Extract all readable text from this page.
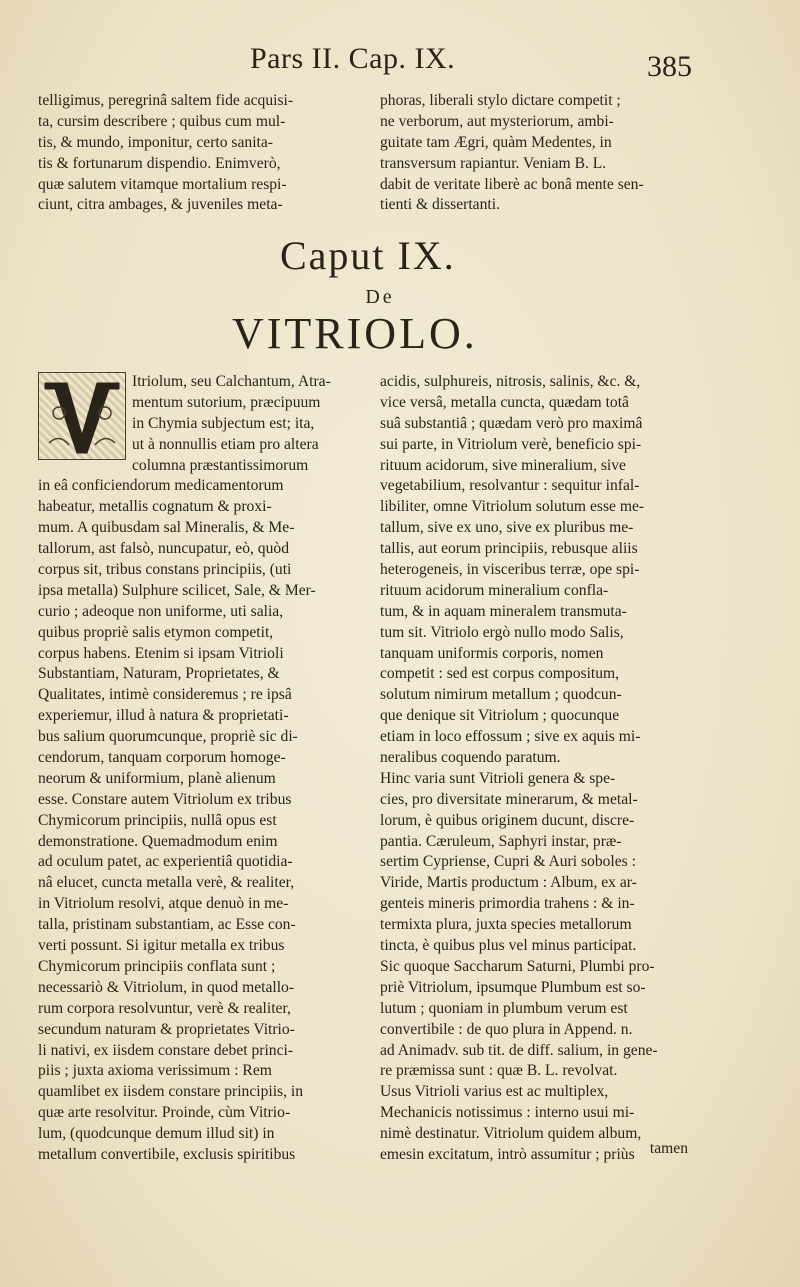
Pars II. Cap. IX.	385
telligimus, peregrinâ saltem fide acquisi-
ta, cursim describere ; quibus cum mul-
tis, & mundo, imponitur, certo sanita-
tis & fortunarum dispendio. Enimverò,
quæ salutem vitamque mortalium respi-
ciunt, citra ambages, & juveniles meta-
phoras, liberali stylo dictare competit ;
ne verborum, aut mysteriorum, ambi-
guitate tam Ægri, quàm Medentes, in
transversum rapiantur. Veniam B. L.
dabit de veritate liberè ac bonâ mente sen-
tienti & dissertanti.
Caput IX.
De
VITRIOLO.
Itriolum, seu Calchantum, Atra-
mentum sutorium, præcipuum
in Chymia subjectum est; ita,
ut à nonnullis etiam pro altera
columna præstantissimorum
in eâ conficiendorum medicamentorum
habeatur, metallis cognatum & proxi-
mum. A quibusdam sal Mineralis, & Me-
tallorum, ast falsò, nuncupatur, eò, quòd
corpus sit, tribus constans principiis, (uti
ipsa metalla) Sulphure scilicet, Sale, & Mer-
curio ; adeoque non uniforme, uti salia,
quibus propriè salis etymon competit,
corpus habens. Etenim si ipsam Vitrioli
Substantiam, Naturam, Proprietates, &
Qualitates, intimè consideremus ; re ipsâ
experiemur, illud à natura & proprietati-
bus salium quorumcunque, propriè sic di-
cendorum, tanquam corporum homoge-
neorum & uniformium, planè alienum
esse. Constare autem Vitriolum ex tribus
Chymicorum principiis, nullâ opus est
demonstratione. Quemadmodum enim
ad oculum patet, ac experientiâ quotidia-
nâ elucet, cuncta metalla verè, & realiter,
in Vitriolum resolvi, atque denuò in me-
talla, pristinam substantiam, ac Esse con-
verti possunt. Si igitur metalla ex tribus
Chymicorum principiis conflata sunt ;
necessariò & Vitriolum, in quod metallo-
rum corpora resolvuntur, verè & realiter,
secundum naturam & proprietates Vitrio-
li nativi, ex iisdem constare debet princi-
piis ; juxta axioma verissimum : Rem
quamlibet ex iisdem constare principiis, in
quæ arte resolvitur. Proinde, cùm Vitrio-
lum, (quodcunque demum illud sit) in
metallum convertibile, exclusis spiritibus
acidis, sulphureis, nitrosis, salinis, &c. &,
vice versâ, metalla cuncta, quædam totâ
suâ substantiâ ; quædam verò pro maximâ
sui parte, in Vitriolum verè, beneficio spi-
rituum acidorum, sive mineralium, sive
vegetabilium, resolvantur : sequitur infal-
libiliter, omne Vitriolum solutum esse me-
tallum, sive ex uno, sive ex pluribus me-
tallis, aut eorum principiis, rebusque aliis
heterogeneis, in visceribus terræ, ope spi-
rituum acidorum mineralium confla-
tum, & in aquam mineralem transmuta-
tum sit. Vitriolo ergò nullo modo Salis,
tanquam uniformis corporis, nomen
competit : sed est corpus compositum,
solutum nimirum metallum ; quodcun-
que denique sit Vitriolum ; quocunque
etiam in loco effossum ; sive ex aquis mi-
neralibus coquendo paratum.
Hinc varia sunt Vitrioli genera & spe-
cies, pro diversitate minerarum, & metal-
lorum, è quibus originem ducunt, discre-
pantia. Cæruleum, Saphyri instar, præ-
sertim Cypriense, Cupri & Auri soboles :
Viride, Martis productum : Album, ex ar-
genteis mineris primordia trahens : & in-
termixta plura, juxta species metallorum
tincta, è quibus plus vel minus participat.
Sic quoque Saccharum Saturni, Plumbi pro-
priè Vitriolum, ipsumque Plumbum est so-
lutum ; quoniam in plumbum verum est
convertibile : de quo plura in Append. n.
ad Animadv. sub tit. de diff. salium, in gene-
re præmissa sunt : quæ B. L. revolvat.
Usus Vitrioli varius est ac multiplex,
Mechanicis notissimus : interno usui mi-
nimè destinatur. Vitriolum quidem album,
emesin excitatum, intrò assumitur ; priùs tamen
